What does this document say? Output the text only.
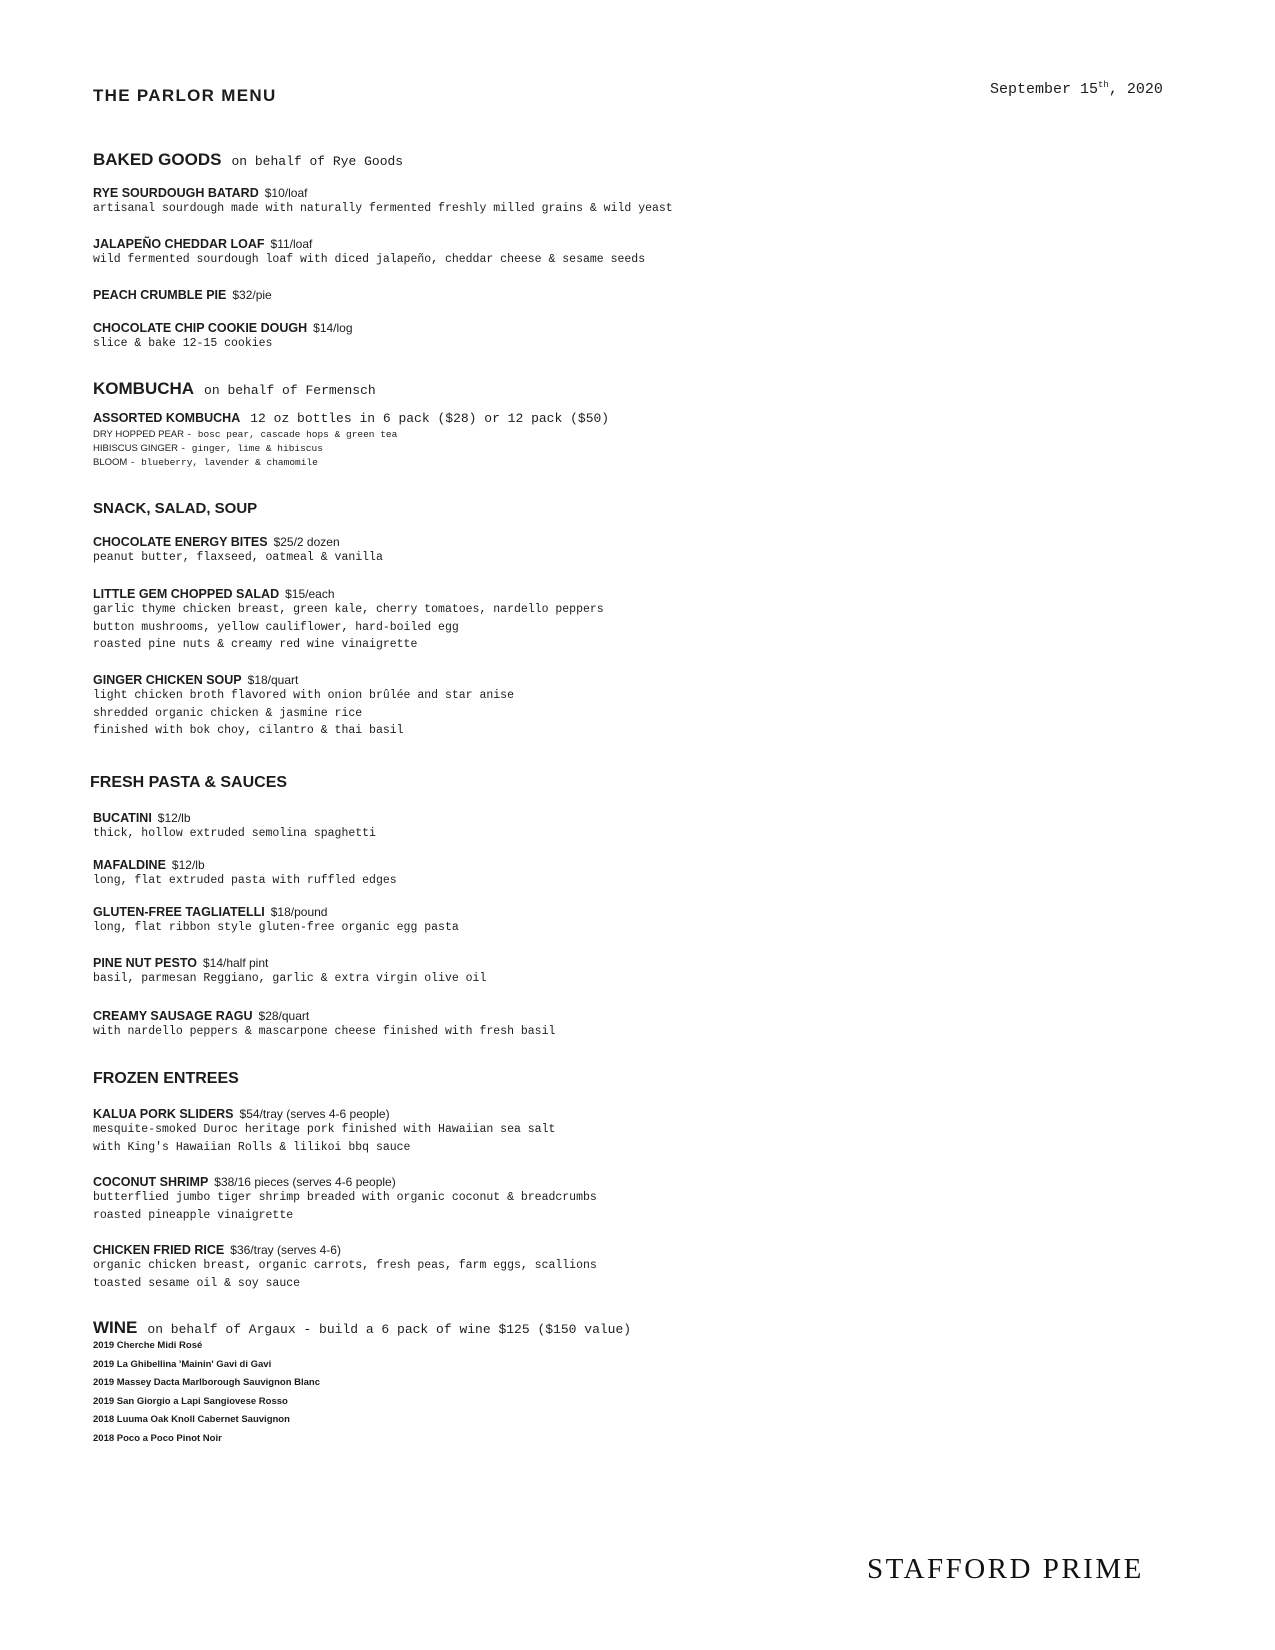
THE PARLOR MENU	September 15th, 2020
BAKED GOODS on behalf of Rye Goods
RYE SOURDOUGH BATARD $10/loaf
artisanal sourdough made with naturally fermented freshly milled grains & wild yeast
JALAPEÑO CHEDDAR LOAF $11/loaf
wild fermented sourdough loaf with diced jalapeño, cheddar cheese & sesame seeds
PEACH CRUMBLE PIE $32/pie
CHOCOLATE CHIP COOKIE DOUGH $14/log
slice & bake 12-15 cookies
KOMBUCHA on behalf of Fermensch
ASSORTED KOMBUCHA 12 oz bottles in 6 pack ($28) or 12 pack ($50)
DRY HOPPED PEAR - bosc pear, cascade hops & green tea
HIBISCUS GINGER - ginger, lime & hibiscus
BLOOM - blueberry, lavender & chamomile
SNACK, SALAD, SOUP
CHOCOLATE ENERGY BITES $25/2 dozen
peanut butter, flaxseed, oatmeal & vanilla
LITTLE GEM CHOPPED SALAD $15/each
garlic thyme chicken breast, green kale, cherry tomatoes, nardello peppers
button mushrooms, yellow cauliflower, hard-boiled egg
roasted pine nuts & creamy red wine vinaigrette
GINGER CHICKEN SOUP $18/quart
light chicken broth flavored with onion brûlée and star anise
shredded organic chicken & jasmine rice
finished with bok choy, cilantro & thai basil
FRESH PASTA & SAUCES
BUCATINI $12/lb
thick, hollow extruded semolina spaghetti
MAFALDINE $12/lb
long, flat extruded pasta with ruffled edges
GLUTEN-FREE TAGLIATELLI $18/pound
long, flat ribbon style gluten-free organic egg pasta
PINE NUT PESTO $14/half pint
basil, parmesan Reggiano, garlic & extra virgin olive oil
CREAMY SAUSAGE RAGU $28/quart
with nardello peppers & mascarpone cheese finished with fresh basil
FROZEN ENTREES
KALUA PORK SLIDERS $54/tray (serves 4-6 people)
mesquite-smoked Duroc heritage pork finished with Hawaiian sea salt
with King's Hawaiian Rolls & lilikoi bbq sauce
COCONUT SHRIMP $38/16 pieces (serves 4-6 people)
butterflied jumbo tiger shrimp breaded with organic coconut & breadcrumbs
roasted pineapple vinaigrette
CHICKEN FRIED RICE $36/tray (serves 4-6)
organic chicken breast, organic carrots, fresh peas, farm eggs, scallions
toasted sesame oil & soy sauce
WINE on behalf of Argaux - build a 6 pack of wine $125 ($150 value)
2019 Cherche Midi Rosé
2019 La Ghibellina 'Mainin' Gavi di Gavi
2019 Massey Dacta Marlborough Sauvignon Blanc
2019 San Giorgio a Lapi Sangiovese Rosso
2018 Luuma Oak Knoll Cabernet Sauvignon
2018 Poco a Poco Pinot Noir
STAFFORD PRIME
